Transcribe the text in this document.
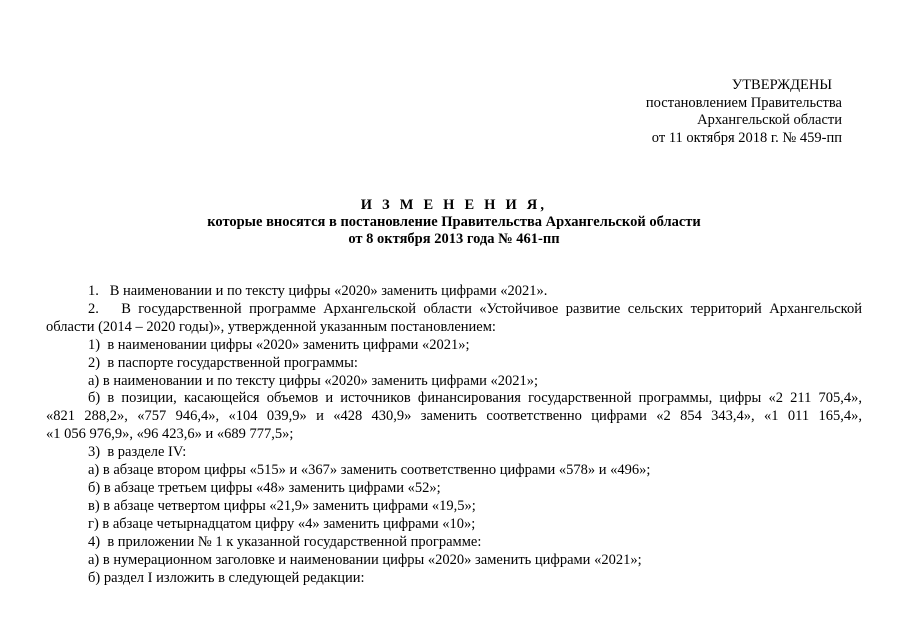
УТВЕРЖДЕНЫ
постановлением Правительства
Архангельской области
от 11 октября 2018 г. № 459-пп
И З М Е Н Е Н И Я,
которые вносятся в постановление Правительства Архангельской области
от 8 октября 2013 года № 461-пп
1.   В наименовании и по тексту цифры «2020» заменить цифрами «2021».
2.   В государственной программе Архангельской области «Устойчивое развитие сельских территорий Архангельской
области (2014 – 2020 годы)», утвержденной указанным постановлением:
1)  в наименовании цифры «2020» заменить цифрами «2021»;
2)  в паспорте государственной программы:
а) в наименовании и по тексту цифры «2020» заменить цифрами «2021»;
б) в позиции, касающейся объемов и источников финансирования государственной программы, цифры «2 211 705,4»,
«821 288,2», «757 946,4», «104 039,9» и «428 430,9» заменить соответственно цифрами «2 854 343,4», «1 011 165,4»,
«1 056 976,9», «96 423,6» и «689 777,5»;
3)  в разделе IV:
а) в абзаце втором цифры «515» и «367» заменить соответственно цифрами «578» и «496»;
б) в абзаце третьем цифры «48» заменить цифрами «52»;
в) в абзаце четвертом цифры «21,9» заменить цифрами «19,5»;
г) в абзаце четырнадцатом цифру «4» заменить цифрами «10»;
4)  в приложении № 1 к указанной государственной программе:
а) в нумерационном заголовке и наименовании цифры «2020» заменить цифрами «2021»;
б) раздел I изложить в следующей редакции:
